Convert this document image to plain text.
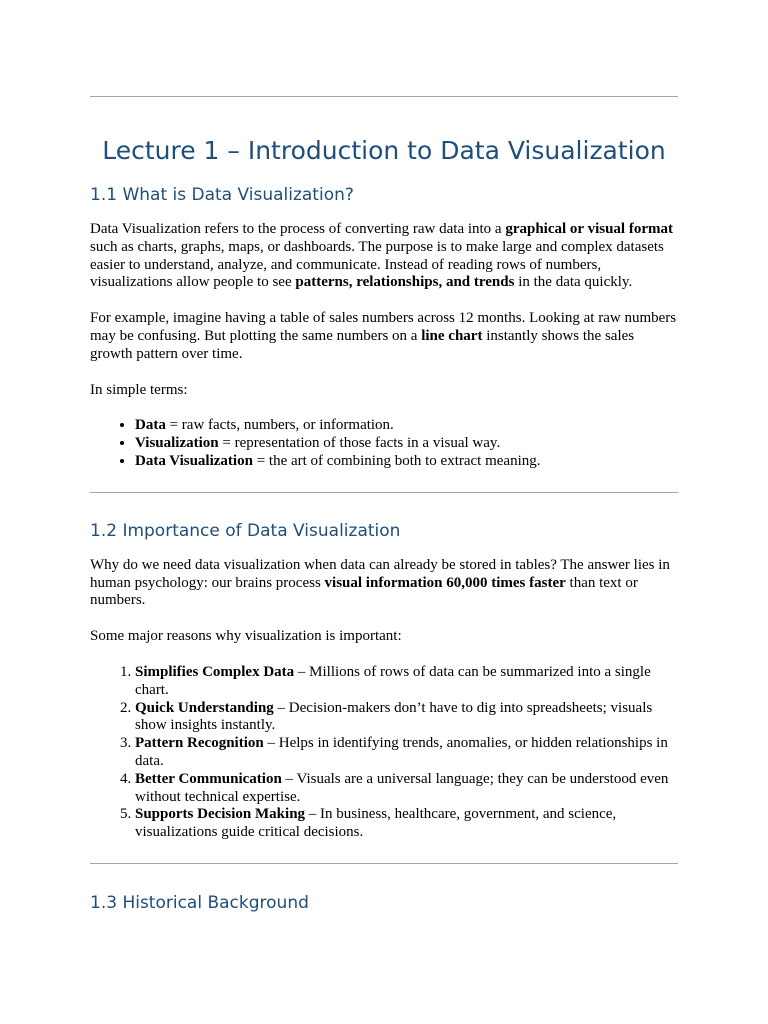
Lecture 1 – Introduction to Data Visualization
1.1 What is Data Visualization?

Data Visualization refers to the process of converting raw data into a graphical or visual format such as charts, graphs, maps, or dashboards. The purpose is to make large and complex datasets easier to understand, analyze, and communicate. Instead of reading rows of numbers, visualizations allow people to see patterns, relationships, and trends in the data quickly.

For example, imagine having a table of sales numbers across 12 months. Looking at raw numbers may be confusing. But plotting the same numbers on a line chart instantly shows the sales growth pattern over time.

In simple terms:

• Data = raw facts, numbers, or information.
• Visualization = representation of those facts in a visual way.
• Data Visualization = the art of combining both to extract meaning.
1.2 Importance of Data Visualization

Why do we need data visualization when data can already be stored in tables? The answer lies in human psychology: our brains process visual information 60,000 times faster than text or numbers.

Some major reasons why visualization is important:

1. Simplifies Complex Data – Millions of rows of data can be summarized into a single chart.
2. Quick Understanding – Decision-makers don’t have to dig into spreadsheets; visuals show insights instantly.
3. Pattern Recognition – Helps in identifying trends, anomalies, or hidden relationships in data.
4. Better Communication – Visuals are a universal language; they can be understood even without technical expertise.
5. Supports Decision Making – In business, healthcare, government, and science, visualizations guide critical decisions.
1.3 Historical Background
